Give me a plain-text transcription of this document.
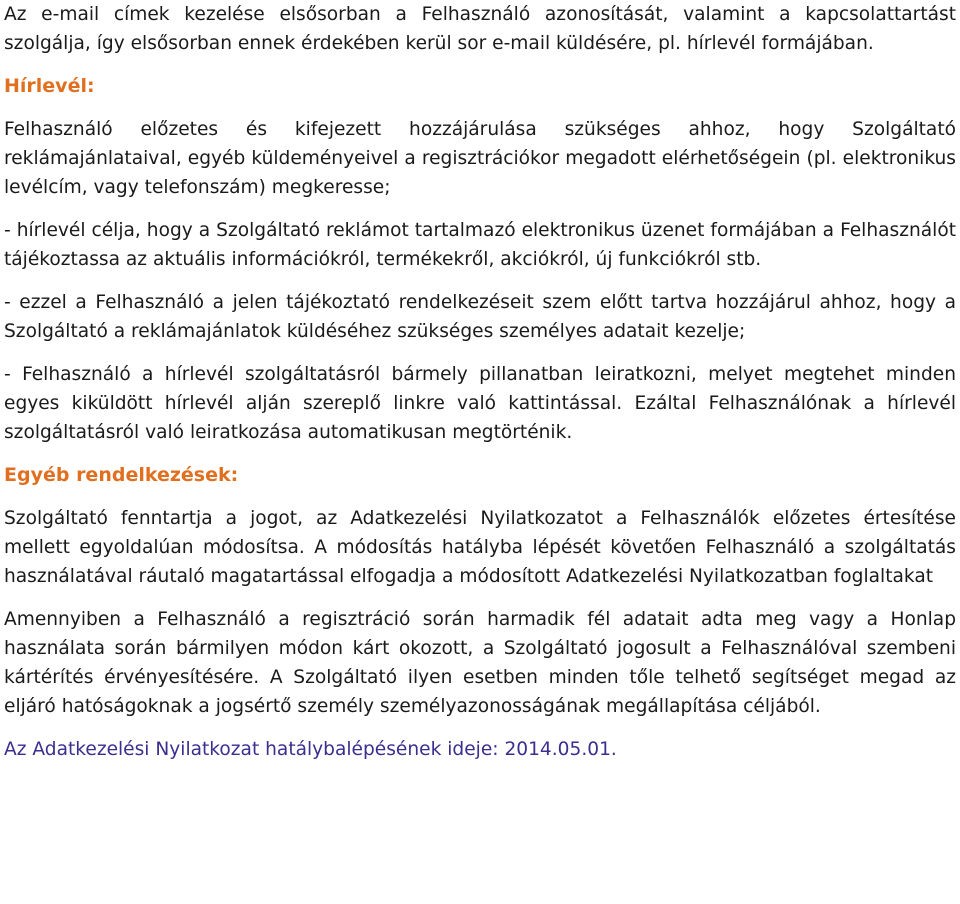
Az e-mail címek kezelése elsősorban a Felhasználó azonosítását, valamint a kapcsolattartást szolgálja, így elsősorban ennek érdekében kerül sor e-mail küldésére, pl. hírlevél formájában.

Hírlevél:

Felhasználó előzetes és kifejezett hozzájárulása szükséges ahhoz, hogy Szolgáltató reklámajánlataival, egyéb küldeményeivel a regisztrációkor megadott elérhetőségein (pl. elektronikus levélcím, vagy telefonszám) megkeresse;

- hírlevél célja, hogy a Szolgáltató reklámot tartalmazó elektronikus üzenet formájában a Felhasználót tájékoztassa az aktuális információkról, termékekről, akciókról, új funkciókról stb.

- ezzel a Felhasználó a jelen tájékoztató rendelkezéseit szem előtt tartva hozzájárul ahhoz, hogy a Szolgáltató a reklámajánlatok küldéséhez szükséges személyes adatait kezelje;

- Felhasználó a hírlevél szolgáltatásról bármely pillanatban leiratkozni, melyet megtehet minden egyes kiküldött hírlevél alján szereplő linkre való kattintással. Ezáltal Felhasználónak a hírlevél szolgáltatásról való leiratkozása automatikusan megtörténik.

Egyéb rendelkezések:

Szolgáltató fenntartja a jogot, az Adatkezelési Nyilatkozatot a Felhasználók előzetes értesítése mellett egyoldalúan módosítsa. A módosítás hatályba lépését követően Felhasználó a szolgáltatás használatával ráutaló magatartással elfogadja a módosított Adatkezelési Nyilatkozatban foglaltakat

Amennyiben a Felhasználó a regisztráció során harmadik fél adatait adta meg vagy a Honlap használata során bármilyen módon kárt okozott, a Szolgáltató jogosult a Felhasználóval szembeni kártérítés érvényesítésére. A Szolgáltató ilyen esetben minden tőle telhető segítséget megad az eljáró hatóságoknak a jogsértő személy személyazonosságának megállapítása céljából.

Az Adatkezelési Nyilatkozat hatálybalépésének ideje: 2014.05.01.
